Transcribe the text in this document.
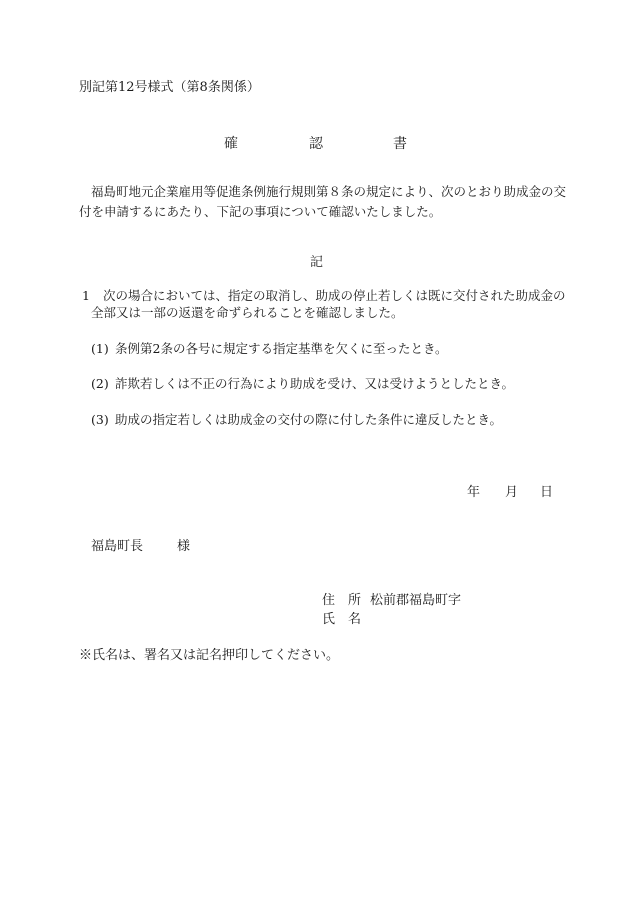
別記第12号様式（第8条関係）
確	認	書
福島町地元企業雇用等促進条例施行規則第８条の規定により、次のとおり助成金の交
付を申請するにあたり、下記の事項について確認いたしました。
記
1 次の場合においては、指定の取消し、助成の停止若しくは既に交付された助成金の
全部又は一部の返還を命ずられることを確認しました。
(1) 条例第2条の各号に規定する指定基準を欠くに至ったとき。
(2) 詐欺若しくは不正の行為により助成を受け、又は受けようとしたとき。
(3) 助成の指定若しくは助成金の交付の際に付した条件に違反したとき。
年 月 日
福島町長	様
住　所 松前郡福島町字
氏　名
※氏名は、署名又は記名押印してください。
